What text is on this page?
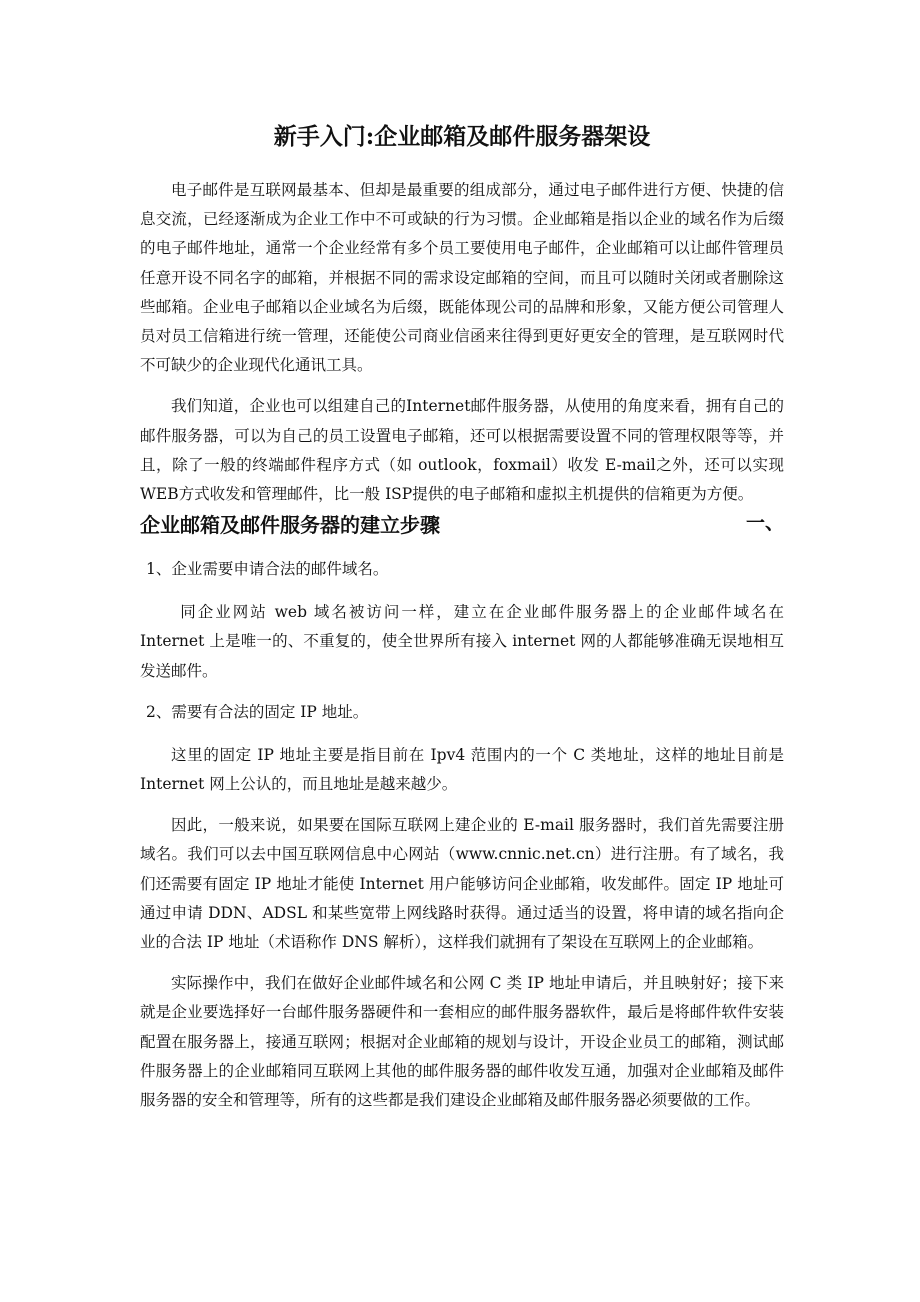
新手入门:企业邮箱及邮件服务器架设

电子邮件是互联网最基本、但却是最重要的组成部分，通过电子邮件进行方便、快捷的信息交流，已经逐渐成为企业工作中不可或缺的行为习惯。企业邮箱是指以企业的域名作为后缀的电子邮件地址，通常一个企业经常有多个员工要使用电子邮件，企业邮箱可以让邮件管理员任意开设不同名字的邮箱，并根据不同的需求设定邮箱的空间，而且可以随时关闭或者删除这些邮箱。企业电子邮箱以企业域名为后缀，既能体现公司的品牌和形象，又能方便公司管理人员对员工信箱进行统一管理，还能使公司商业信函来往得到更好更安全的管理，是互联网时代不可缺少的企业现代化通讯工具。

我们知道，企业也可以组建自己的Internet邮件服务器，从使用的角度来看，拥有自己的邮件服务器，可以为自己的员工设置电子邮箱，还可以根据需要设置不同的管理权限等等，并且，除了一般的终端邮件程序方式（如 outlook，foxmail）收发 E-mail之外，还可以实现 WEB方式收发和管理邮件，比一般 ISP提供的电子邮箱和虚拟主机提供的信箱更为方便。
一、

企业邮箱及邮件服务器的建立步骤
1、企业需要申请合法的邮件域名。

同企业网站 web 域名被访问一样，建立在企业邮件服务器上的企业邮件域名在 Internet 上是唯一的、不重复的，使全世界所有接入 internet 网的人都能够准确无误地相互发送邮件。

2、需要有合法的固定 IP 地址。

这里的固定 IP 地址主要是指目前在 Ipv4 范围内的一个 C 类地址，这样的地址目前是 Internet 网上公认的，而且地址是越来越少。

因此，一般来说，如果要在国际互联网上建企业的 E-mail 服务器时，我们首先需要注册域名。我们可以去中国互联网信息中心网站（www.cnnic.net.cn）进行注册。有了域名，我们还需要有固定 IP 地址才能使 Internet 用户能够访问企业邮箱，收发邮件。固定 IP 地址可通过申请 DDN、ADSL 和某些宽带上网线路时获得。通过适当的设置，将申请的域名指向企业的合法 IP 地址（术语称作 DNS 解析），这样我们就拥有了架设在互联网上的企业邮箱。

实际操作中，我们在做好企业邮件域名和公网 C 类 IP 地址申请后，并且映射好；接下来就是企业要选择好一台邮件服务器硬件和一套相应的邮件服务器软件，最后是将邮件软件安装配置在服务器上，接通互联网；根据对企业邮箱的规划与设计，开设企业员工的邮箱，测试邮件服务器上的企业邮箱同互联网上其他的邮件服务器的邮件收发互通，加强对企业邮箱及邮件服务器的安全和管理等，所有的这些都是我们建设企业邮箱及邮件服务器必须要做的工作。
